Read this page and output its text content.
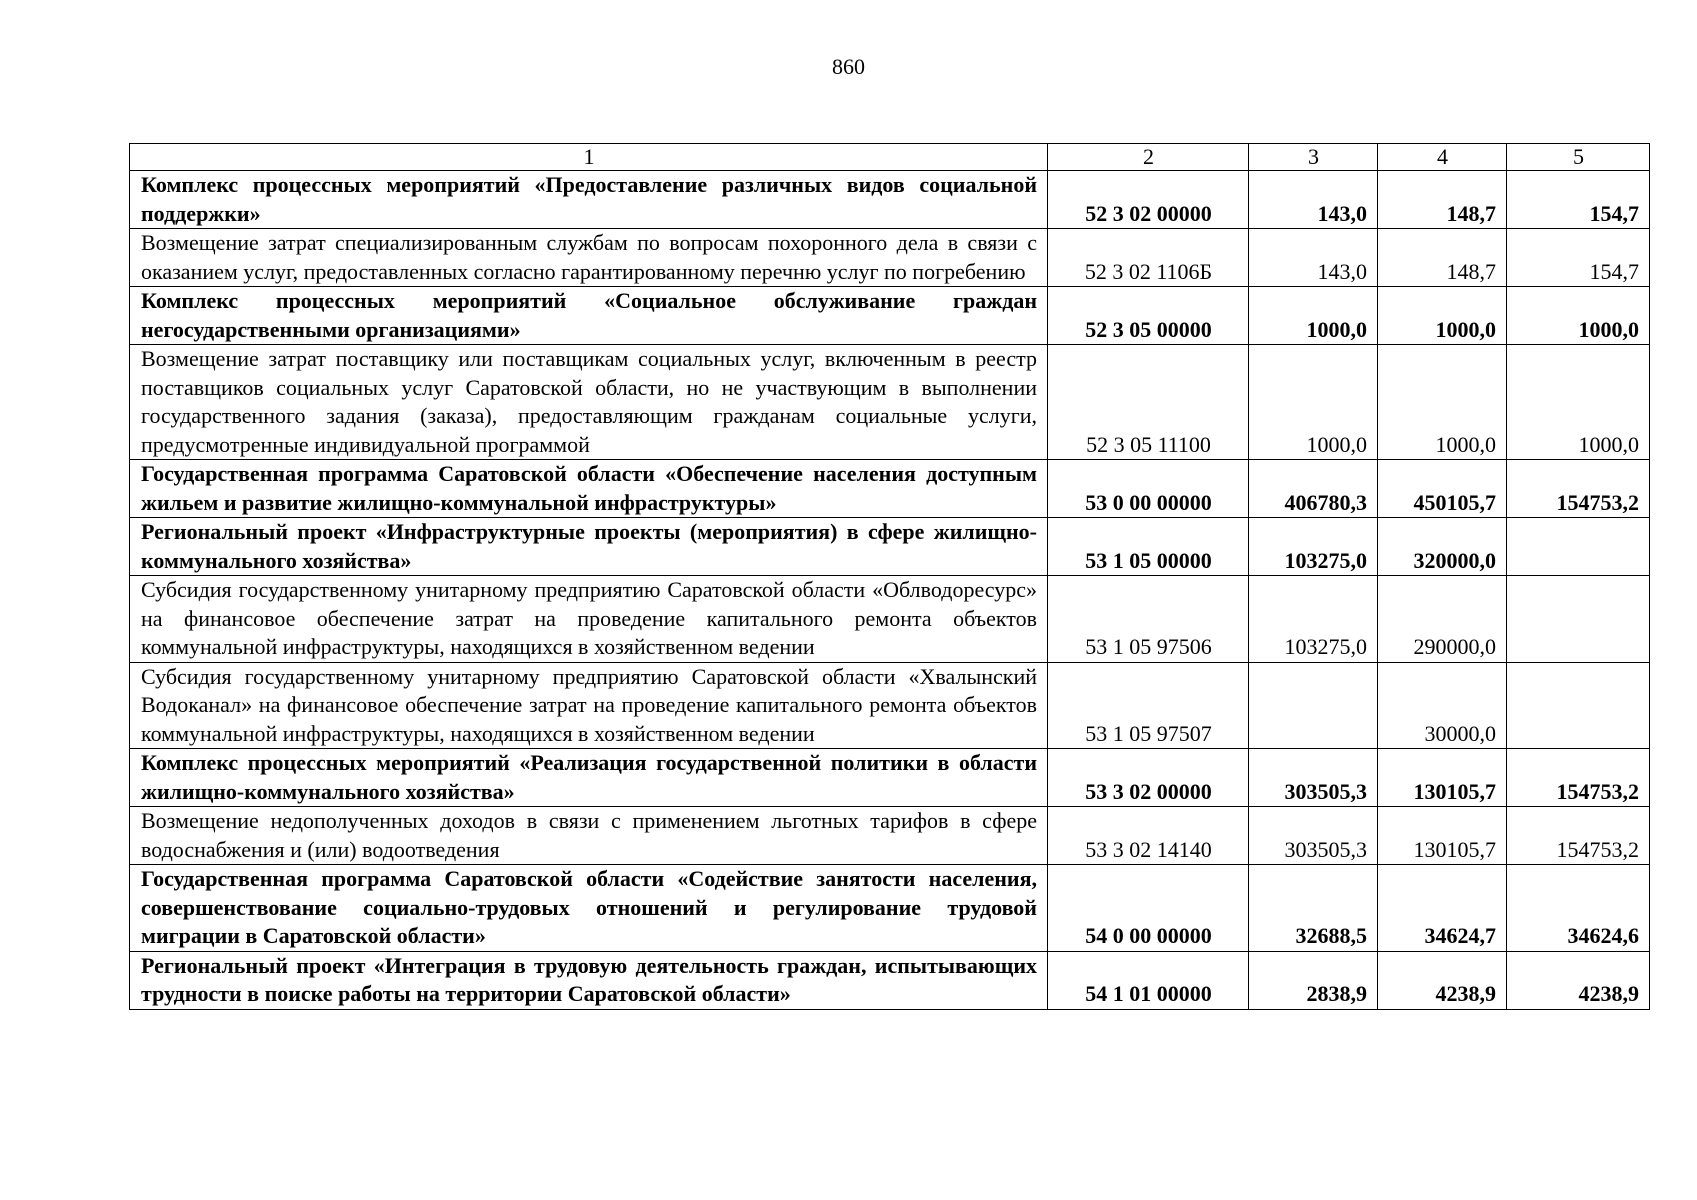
860
1	2	3	4	5
Комплекс процессных мероприятий «Предоставление различных видов социальной поддержки»	52 3 02 00000	143,0	148,7	154,7
Возмещение затрат специализированным службам по вопросам похоронного дела в связи с оказанием услуг, предоставленных согласно гарантированному перечню услуг по погребению	52 3 02 1106Б	143,0	148,7	154,7
Комплекс процессных мероприятий «Социальное обслуживание граждан негосударственными организациями»	52 3 05 00000	1000,0	1000,0	1000,0
Возмещение затрат поставщику или поставщикам социальных услуг, включенным в реестр поставщиков социальных услуг Саратовской области, но не участвующим в выполнении государственного задания (заказа), предоставляющим гражданам социальные услуги, предусмотренные индивидуальной программой	52 3 05 11100	1000,0	1000,0	1000,0
Государственная программа Саратовской области «Обеспечение населения доступным жильем и развитие жилищно-коммунальной инфраструктуры»	53 0 00 00000	406780,3	450105,7	154753,2
Региональный проект «Инфраструктурные проекты (мероприятия) в сфере жилищно-коммунального хозяйства»	53 1 05 00000	103275,0	320000,0	
Субсидия государственному унитарному предприятию Саратовской области «Облводоресурс» на финансовое обеспечение затрат на проведение капитального ремонта объектов коммунальной инфраструктуры, находящихся в хозяйственном ведении	53 1 05 97506	103275,0	290000,0	
Субсидия государственному унитарному предприятию Саратовской области «Хвалынский Водоканал» на финансовое обеспечение затрат на проведение капитального ремонта объектов коммунальной инфраструктуры, находящихся в хозяйственном ведении	53 1 05 97507		30000,0	
Комплекс процессных мероприятий «Реализация государственной политики в области жилищно-коммунального хозяйства»	53 3 02 00000	303505,3	130105,7	154753,2
Возмещение недополученных доходов в связи с применением льготных тарифов в сфере водоснабжения и (или) водоотведения	53 3 02 14140	303505,3	130105,7	154753,2
Государственная программа Саратовской области «Содействие занятости населения, совершенствование социально-трудовых отношений и регулирование трудовой миграции в Саратовской области»	54 0 00 00000	32688,5	34624,7	34624,6
Региональный проект «Интеграция в трудовую деятельность граждан, испытывающих трудности в поиске работы на территории Саратовской области»	54 1 01 00000	2838,9	4238,9	4238,9
